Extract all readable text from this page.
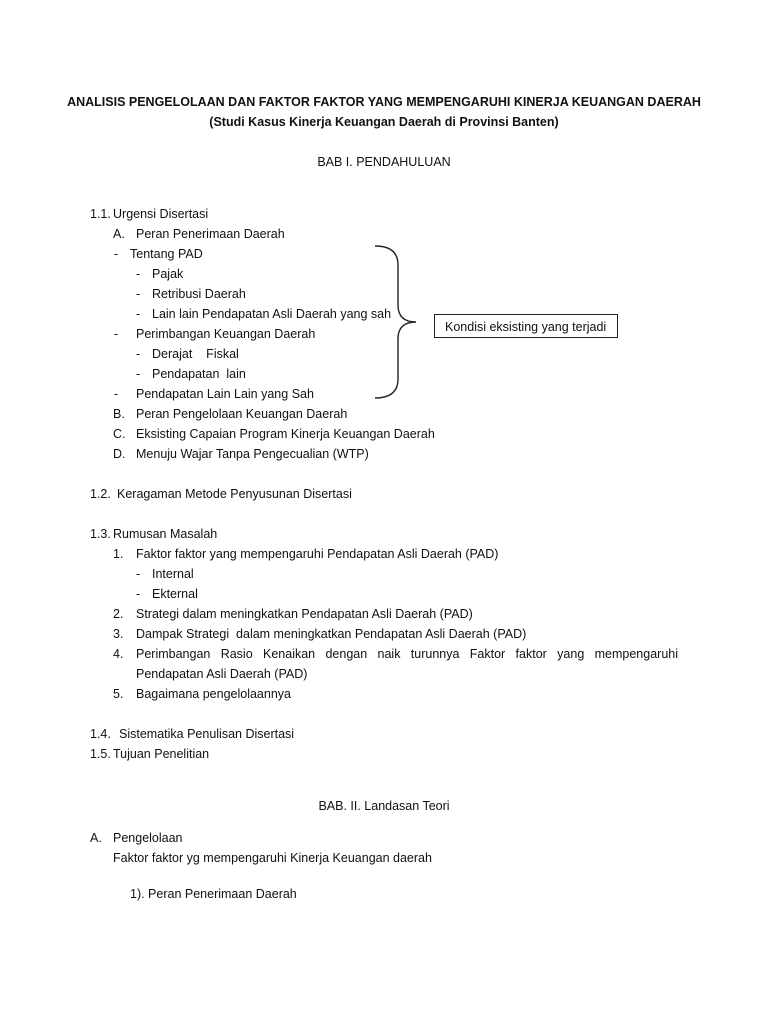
ANALISIS PENGELOLAAN DAN FAKTOR FAKTOR YANG MEMPENGARUHI KINERJA KEUANGAN DAERAH
(Studi Kasus Kinerja Keuangan Daerah di Provinsi Banten)
BAB I. PENDAHULUAN
1.1. Urgensi Disertasi
A. Peran Penerimaan Daerah
- Tentang PAD
- Pajak
- Retribusi Daerah
- Lain lain Pendapatan Asli Daerah yang sah
- Perimbangan Keuangan Daerah
- Derajat    Fiskal
- Pendapatan  lain
- Pendapatan Lain Lain yang Sah
B. Peran Pengelolaan Keuangan Daerah
C. Eksisting Capaian Program Kinerja Keuangan Daerah
D. Menuju Wajar Tanpa Pengecualian (WTP)
Kondisi eksisting yang terjadi
1.2. Keragaman Metode Penyusunan Disertasi
1.3. Rumusan Masalah
1. Faktor faktor yang mempengaruhi Pendapatan Asli Daerah (PAD)
- Internal
- Ekternal
2. Strategi dalam meningkatkan Pendapatan Asli Daerah (PAD)
3. Dampak Strategi  dalam meningkatkan Pendapatan Asli Daerah (PAD)
4. Perimbangan Rasio Kenaikan dengan naik turunnya Faktor faktor yang mempengaruhi
Pendapatan Asli Daerah (PAD)
5. Bagaimana pengelolaannya
1.4. Sistematika Penulisan Disertasi
1.5. Tujuan Penelitian
BAB. II. Landasan Teori
A. Pengelolaan
Faktor faktor yg mempengaruhi Kinerja Keuangan daerah
1). Peran Penerimaan Daerah
